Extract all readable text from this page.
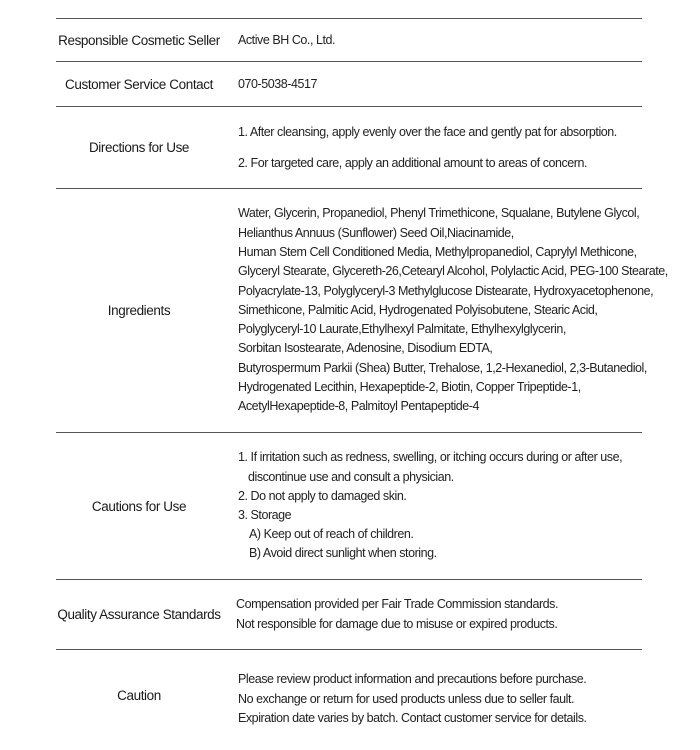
Responsible Cosmetic Seller	Active BH Co., Ltd.
Customer Service Contact	070-5038-4517
Directions for Use
1. After cleansing, apply evenly over the face and gently pat for absorption.
2. For targeted care, apply an additional amount to areas of concern.
Ingredients
Water, Glycerin, Propanediol, Phenyl Trimethicone, Squalane, Butylene Glycol,
Helianthus Annuus (Sunflower) Seed Oil,Niacinamide,
Human Stem Cell Conditioned Media, Methylpropanediol, Caprylyl Methicone,
Glyceryl Stearate, Glycereth-26,Cetearyl Alcohol, Polylactic Acid, PEG-100 Stearate,
Polyacrylate-13, Polyglyceryl-3 Methylglucose Distearate, Hydroxyacetophenone,
Simethicone, Palmitic Acid, Hydrogenated Polyisobutene, Stearic Acid,
Polyglyceryl-10 Laurate,Ethylhexyl Palmitate, Ethylhexylglycerin,
Sorbitan Isostearate, Adenosine, Disodium EDTA,
Butyrospermum Parkii (Shea) Butter, Trehalose, 1,2-Hexanediol, 2,3-Butanediol,
Hydrogenated Lecithin, Hexapeptide-2, Biotin, Copper Tripeptide-1,
AcetylHexapeptide-8, Palmitoyl Pentapeptide-4
Cautions for Use
1. If irritation such as redness, swelling, or itching occurs during or after use,
discontinue use and consult a physician.
2. Do not apply to damaged skin.
3. Storage
A) Keep out of reach of children.
B) Avoid direct sunlight when storing.
Quality Assurance Standards
Compensation provided per Fair Trade Commission standards.
Not responsible for damage due to misuse or expired products.
Caution
Please review product information and precautions before purchase.
No exchange or return for used products unless due to seller fault.
Expiration date varies by batch. Contact customer service for details.
